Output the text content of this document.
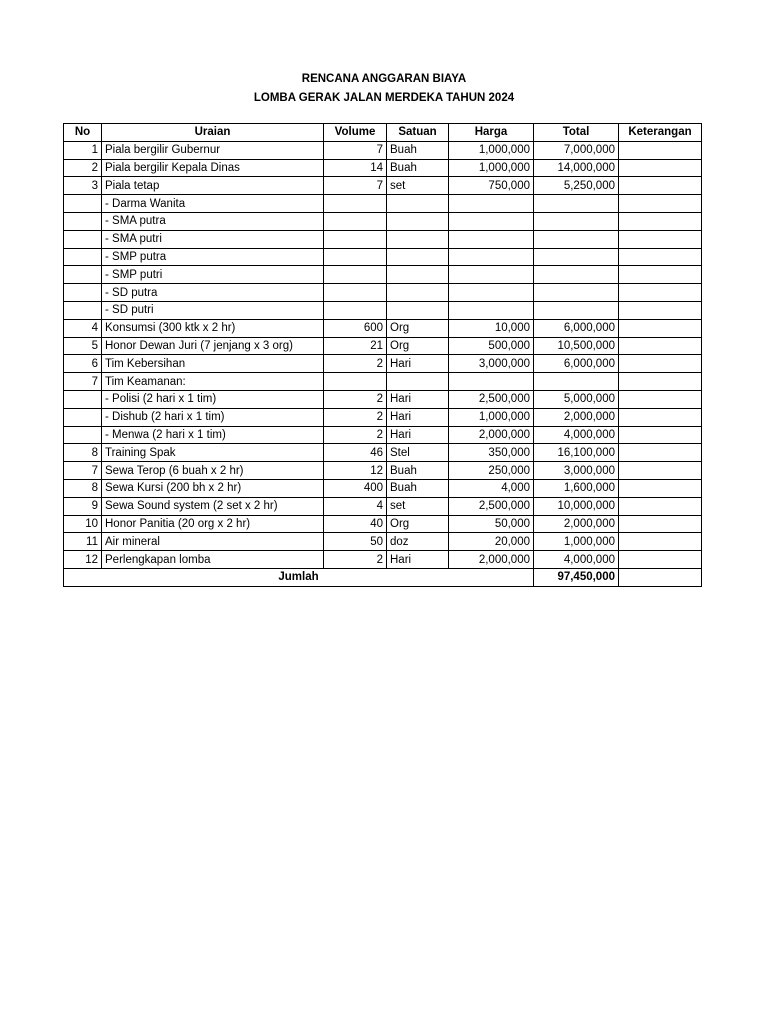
RENCANA ANGGARAN BIAYA
LOMBA GERAK JALAN MERDEKA TAHUN 2024
No	Uraian	Volume	Satuan	Harga	Total	Keterangan
1	Piala bergilir Gubernur	7	Buah	1,000,000	7,000,000	
2	Piala bergilir Kepala Dinas	14	Buah	1,000,000	14,000,000	
3	Piala tetap	7	set	750,000	5,250,000	
	- Darma Wanita					
	- SMA putra					
	- SMA putri					
	- SMP putra					
	- SMP putri					
	- SD putra					
	- SD putri					
4	Konsumsi (300 ktk x 2 hr)	600	Org	10,000	6,000,000	
5	Honor Dewan Juri (7 jenjang x 3 org)	21	Org	500,000	10,500,000	
6	Tim Kebersihan	2	Hari	3,000,000	6,000,000	
7	Tim Keamanan:					
	- Polisi (2 hari x 1 tim)	2	Hari	2,500,000	5,000,000	
	- Dishub (2 hari x 1 tim)	2	Hari	1,000,000	2,000,000	
	- Menwa (2 hari x 1 tim)	2	Hari	2,000,000	4,000,000	
8	Training Spak	46	Stel	350,000	16,100,000	
7	Sewa Terop (6 buah x 2 hr)	12	Buah	250,000	3,000,000	
8	Sewa Kursi (200 bh x 2 hr)	400	Buah	4,000	1,600,000	
9	Sewa Sound system (2 set x 2 hr)	4	set	2,500,000	10,000,000	
10	Honor Panitia (20 org x 2 hr)	40	Org	50,000	2,000,000	
11	Air mineral	50	doz	20,000	1,000,000	
12	Perlengkapan lomba	2	Hari	2,000,000	4,000,000	
Jumlah					97,450,000	
